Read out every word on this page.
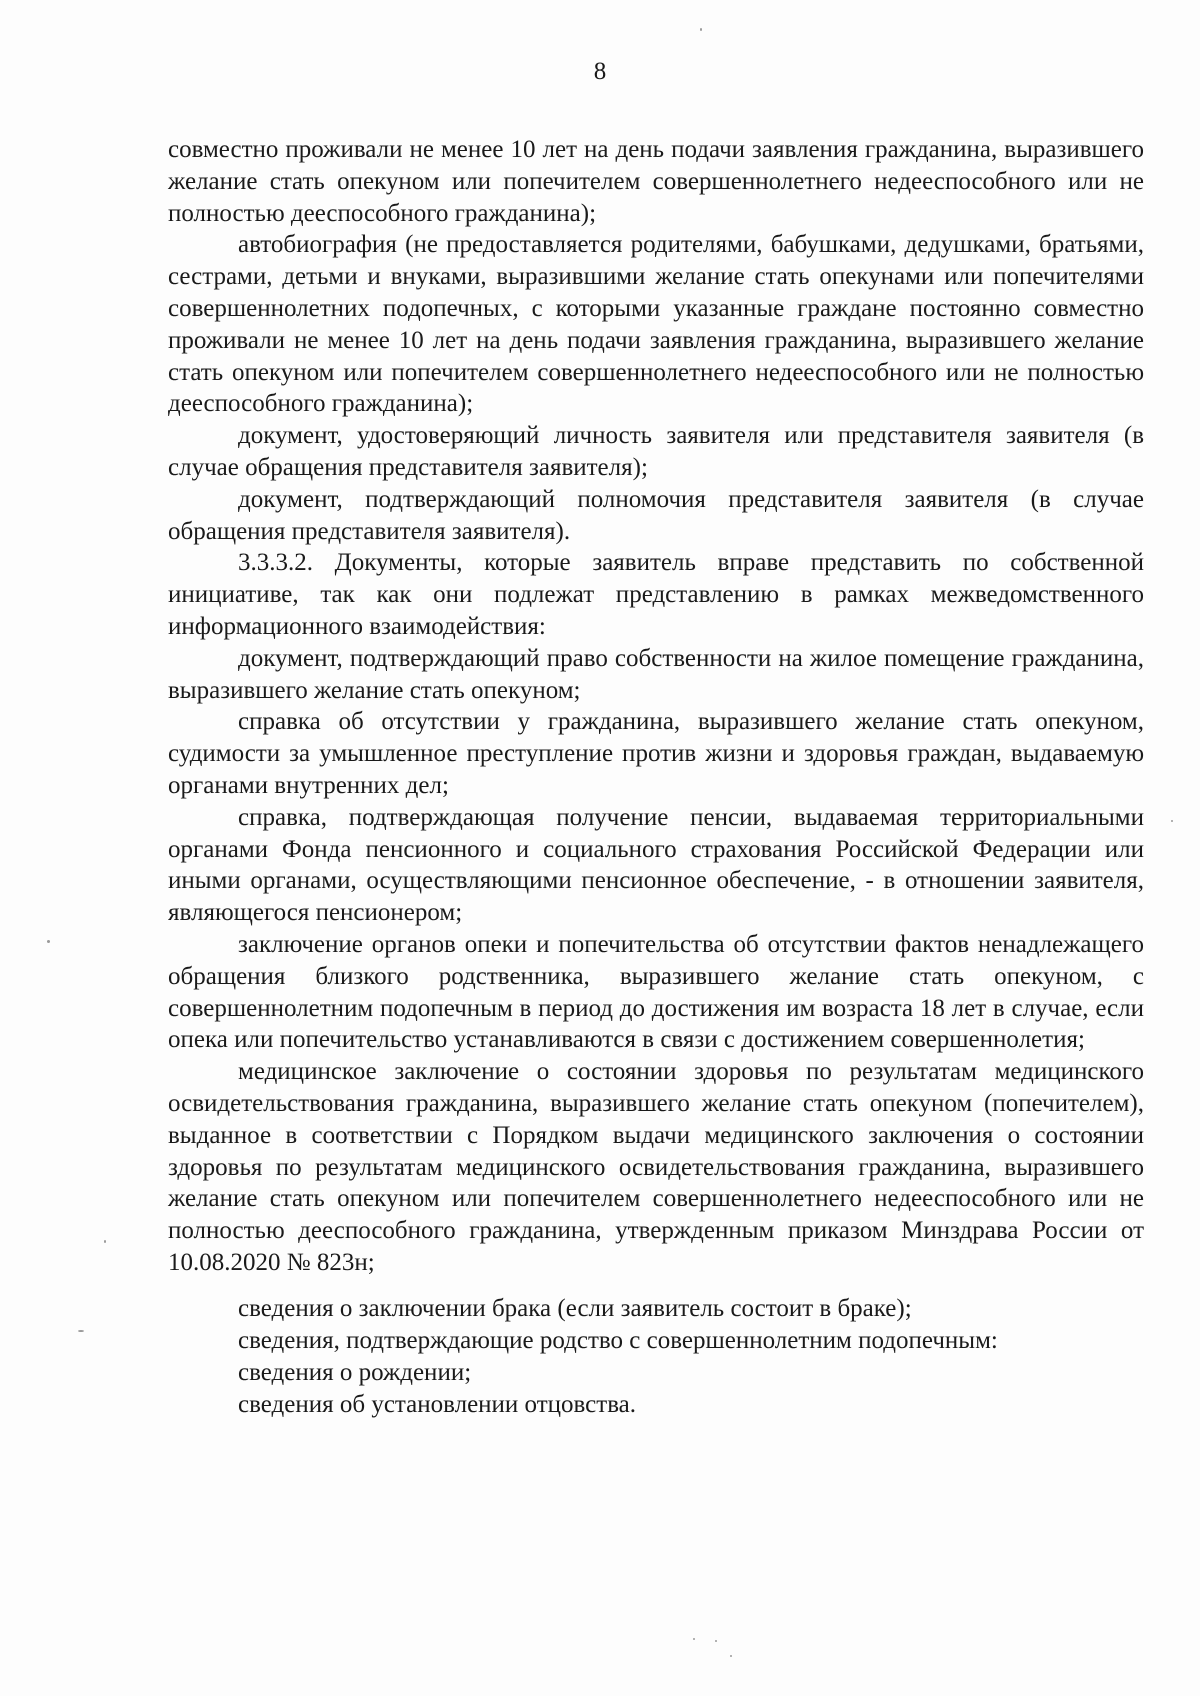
8

совместно проживали не менее 10 лет на день подачи заявления гражданина, выразившего желание стать опекуном или попечителем совершеннолетнего недееспособного или не полностью дееспособного гражданина);

автобиография (не предоставляется родителями, бабушками, дедушками, братьями, сестрами, детьми и внуками, выразившими желание стать опекунами или попечителями совершеннолетних подопечных, с которыми указанные граждане постоянно совместно проживали не менее 10 лет на день подачи заявления гражданина, выразившего желание стать опекуном или попечителем совершеннолетнего недееспособного или не полностью дееспособного гражданина);

документ, удостоверяющий личность заявителя или представителя заявителя (в случае обращения представителя заявителя);

документ, подтверждающий полномочия представителя заявителя (в случае обращения представителя заявителя).

3.3.3.2. Документы, которые заявитель вправе представить по собственной инициативе, так как они подлежат представлению в рамках межведомственного информационного взаимодействия:

документ, подтверждающий право собственности на жилое помещение гражданина, выразившего желание стать опекуном;

справка об отсутствии у гражданина, выразившего желание стать опекуном, судимости за умышленное преступление против жизни и здоровья граждан, выдаваемую органами внутренних дел;

справка, подтверждающая получение пенсии, выдаваемая территориальными органами Фонда пенсионного и социального страхования Российской Федерации или иными органами, осуществляющими пенсионное обеспечение, - в отношении заявителя, являющегося пенсионером;

заключение органов опеки и попечительства об отсутствии фактов ненадлежащего обращения близкого родственника, выразившего желание стать опекуном, с совершеннолетним подопечным в период до достижения им возраста 18 лет в случае, если опека или попечительство устанавливаются в связи с достижением совершеннолетия;

медицинское заключение о состоянии здоровья по результатам медицинского освидетельствования гражданина, выразившего желание стать опекуном (попечителем), выданное в соответствии с Порядком выдачи медицинского заключения о состоянии здоровья по результатам медицинского освидетельствования гражданина, выразившего желание стать опекуном или попечителем совершеннолетнего недееспособного или не полностью дееспособного гражданина, утвержденным приказом Минздрава России от 10.08.2020 № 823н;

сведения о заключении брака (если заявитель состоит в браке);
сведения, подтверждающие родство с совершеннолетним подопечным:
сведения о рождении;
сведения об установлении отцовства.
